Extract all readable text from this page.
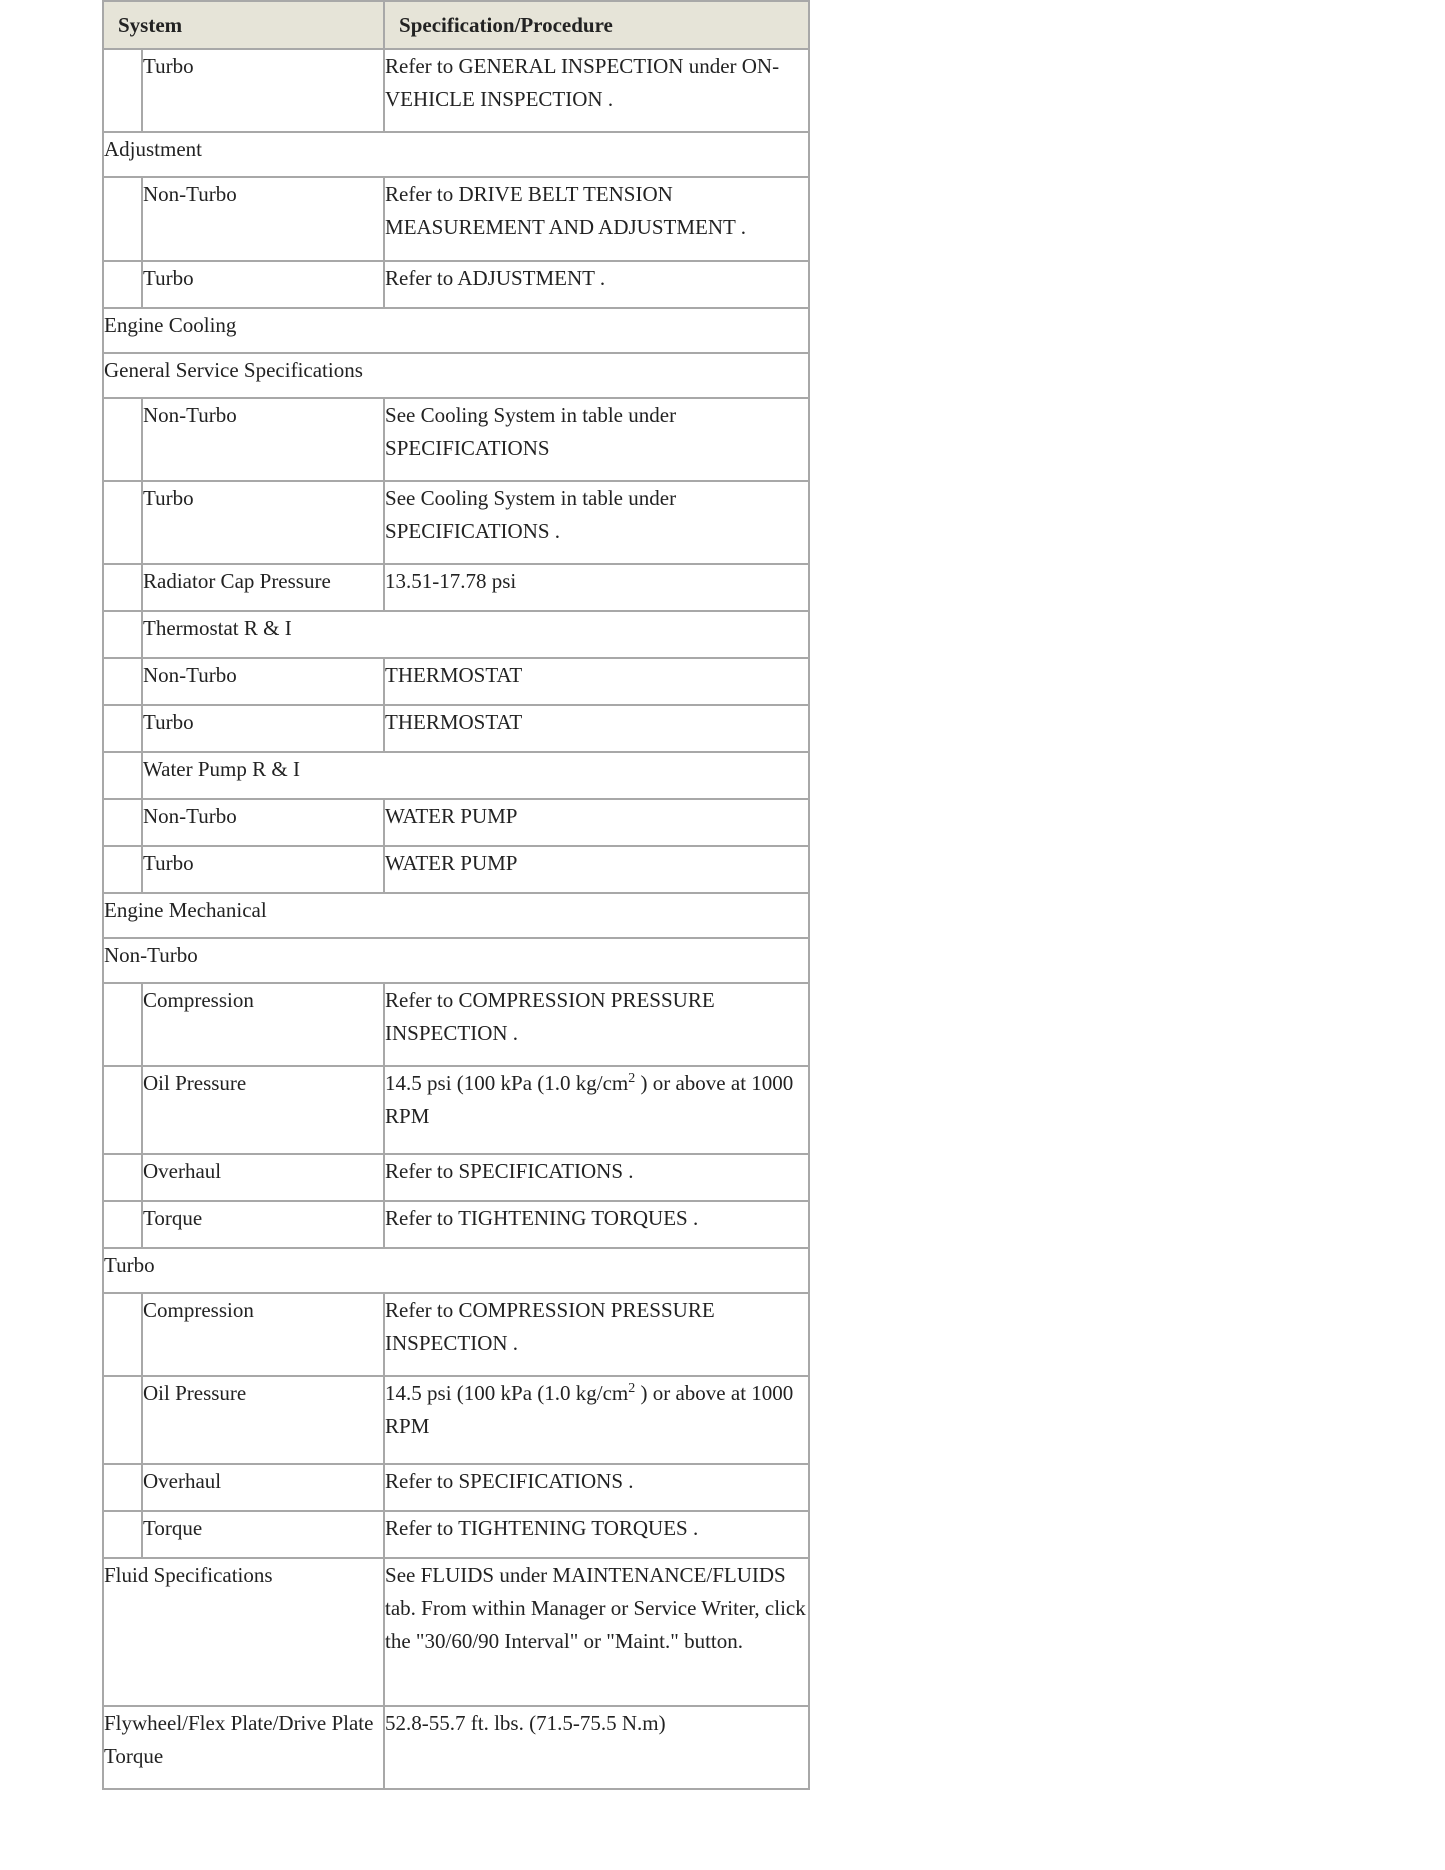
System		Specification/Procedure
	Turbo	Refer to GENERAL INSPECTION under ON-VEHICLE INSPECTION .
Adjustment		
	Non-Turbo	Refer to DRIVE BELT TENSION MEASUREMENT AND ADJUSTMENT .
	Turbo	Refer to ADJUSTMENT .
Engine Cooling		
General Service Specifications		
	Non-Turbo	See Cooling System in table under SPECIFICATIONS
	Turbo	See Cooling System in table under SPECIFICATIONS .
	Radiator Cap Pressure	13.51-17.78 psi
	Thermostat R & I	
	Non-Turbo	THERMOSTAT
	Turbo	THERMOSTAT
	Water Pump R & I	
	Non-Turbo	WATER PUMP
	Turbo	WATER PUMP
Engine Mechanical		
Non-Turbo		
	Compression	Refer to COMPRESSION PRESSURE INSPECTION .
	Oil Pressure	14.5 psi (100 kPa (1.0 $kg/cm^2$ ) or above at 1000 RPM
	Overhaul	Refer to SPECIFICATIONS .
	Torque	Refer to TIGHTENING TORQUES .
Turbo		
	Compression	Refer to COMPRESSION PRESSURE INSPECTION .
	Oil Pressure	14.5 psi (100 kPa (1.0 $kg/cm^2$ ) or above at 1000 RPM
	Overhaul	Refer to SPECIFICATIONS .
	Torque	Refer to TIGHTENING TORQUES .
Fluid Specifications		See FLUIDS under MAINTENANCE/FLUIDS tab. From within Manager or Service Writer, click the "30/60/90 Interval" or "Maint." button.
Flywheel/Flex Plate/Drive Plate Torque		52.8-55.7 ft. lbs. (71.5-75.5 N.m)
